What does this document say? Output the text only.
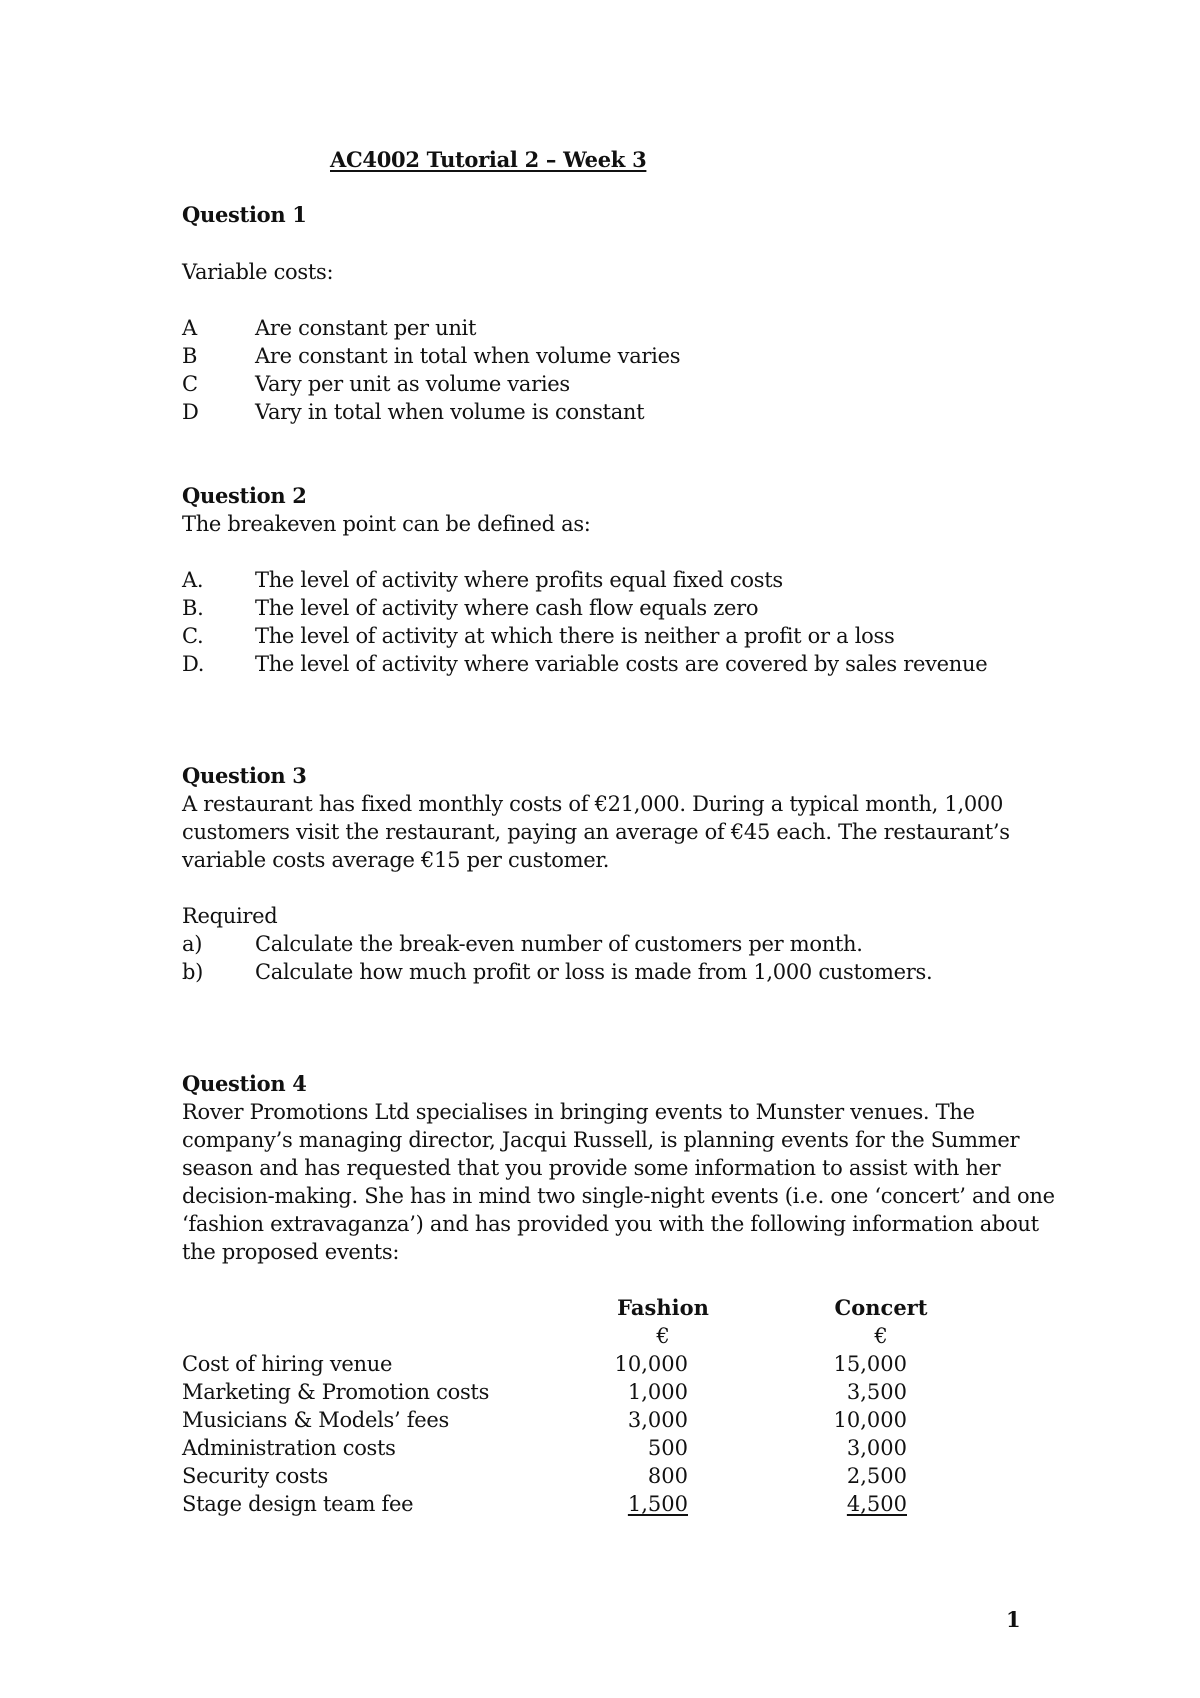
AC4002 Tutorial 2 – Week 3
Question 1
Variable costs:
A	Are constant per unit
B	Are constant in total when volume varies
C	Vary per unit as volume varies
D	Vary in total when volume is constant
Question 2
The breakeven point can be defined as:
A. The level of activity where profits equal fixed costs
B. The level of activity where cash flow equals zero
C. The level of activity at which there is neither a profit or a loss
D. The level of activity where variable costs are covered by sales revenue
Question 3
A restaurant has fixed monthly costs of €21,000. During a typical month, 1,000
customers visit the restaurant, paying an average of €45 each. The restaurant’s
variable costs average €15 per customer.
Required
a)	Calculate the break-even number of customers per month.
b) Calculate how much profit or loss is made from 1,000 customers.
Question 4
Rover Promotions Ltd specialises in bringing events to Munster venues. The
company’s managing director, Jacqui Russell, is planning events for the Summer
season and has requested that you provide some information to assist with her
decision-making. She has in mind two single-night events (i.e. one ‘concert’ and one
‘fashion extravaganza’) and has provided you with the following information about
the proposed events:
Fashion	Concert
€	€
Cost of hiring venue	10,000	15,000
Marketing & Promotion costs	1,000	3,500
Musicians & Models’ fees	3,000	10,000
Administration costs	500	3,000
Security costs	800	2,500
Stage design team fee	1,500	4,500
1
